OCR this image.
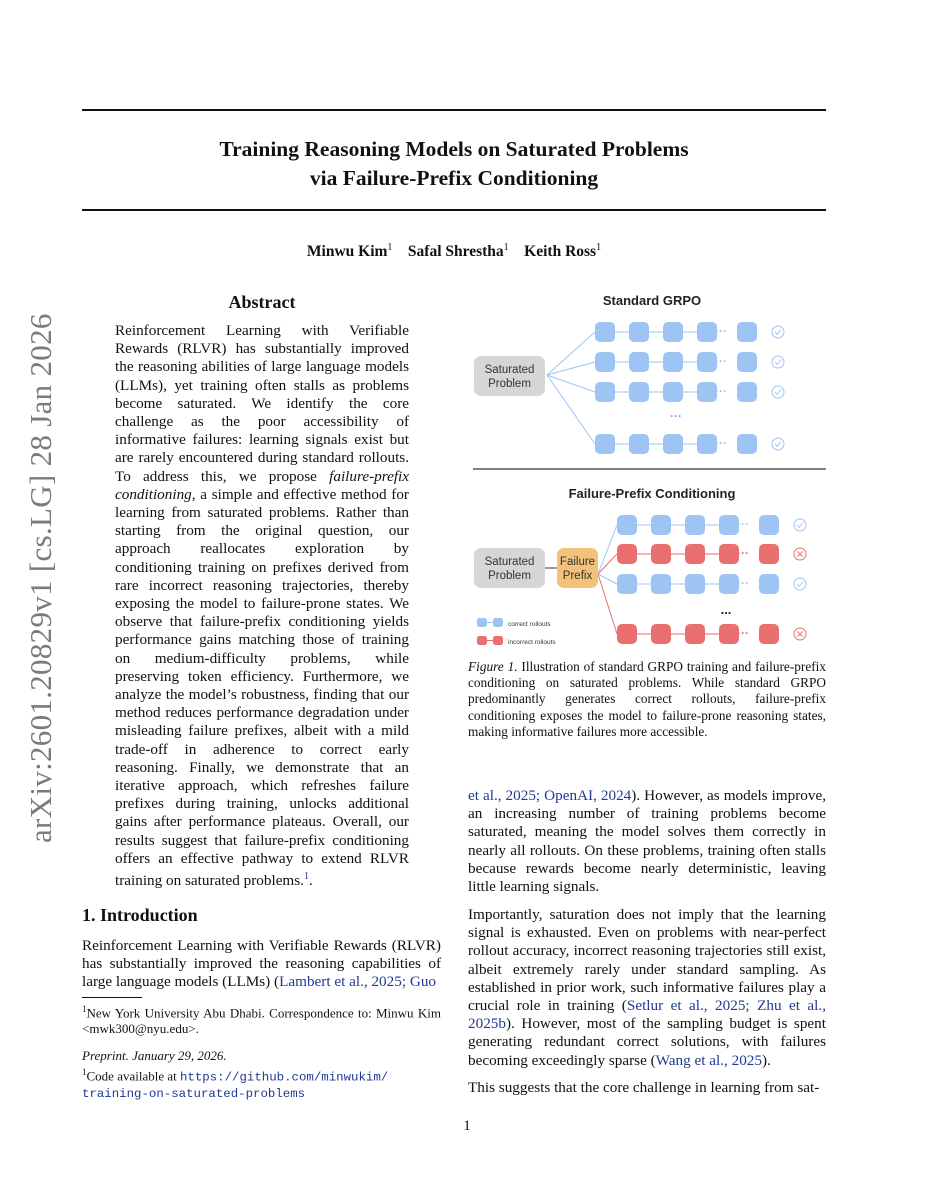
Training Reasoning Models on Saturated Problems
via Failure-Prefix Conditioning
Minwu Kim$^1$ Safal Shrestha$^1$ Keith Ross$^1$
arXiv:2601.20829v1 [cs.LG] 28 Jan 2026
Abstract
Reinforcement Learning with Verifiable Rewards (RLVR) has substantially improved the reasoning abilities of large language models (LLMs), yet training often stalls as problems become saturated. We identify the core challenge as the poor accessibility of informative failures: learning signals exist but are rarely encountered during standard rollouts. To address this, we propose failure-prefix conditioning, a simple and effective method for learning from saturated problems. Rather than starting from the original question, our approach reallocates exploration by conditioning training on prefixes derived from rare incorrect reasoning trajectories, thereby exposing the model to failure-prone states. We observe that failure-prefix conditioning yields performance gains matching those of training on medium-difficulty problems, while preserving token efficiency. Furthermore, we analyze the model’s robustness, finding that our method reduces performance degradation under misleading failure prefixes, albeit with a mild trade-off in adherence to correct early reasoning. Finally, we demonstrate that an iterative approach, which refreshes failure prefixes during training, unlocks additional gains after performance plateaus. Overall, our results suggest that failure-prefix conditioning offers an effective pathway to extend RLVR training on saturated problems.$^1$.
1. Introduction
Reinforcement Learning with Verifiable Rewards (RLVR) has substantially improved the reasoning capabilities of large language models (LLMs) (Lambert et al., 2025; Guo
$^1$New York University Abu Dhabi. Correspondence to: Minwu Kim <mwk300@nyu.edu>.
Preprint. January 29, 2026.
$^1$Code available at https://github.com/minwukim/
training-on-saturated-problems
Standard GRPO
···
···
···
···
Saturated
Problem
···
Failure-Prefix Conditioning
···
···
···
···
Saturated
Problem
Failure
Prefix
...
correct rollouts
incorrect rollouts
Figure 1. Illustration of standard GRPO training and failure-prefix conditioning on saturated problems. While standard GRPO predominantly generates correct rollouts, failure-prefix conditioning exposes the model to failure-prone reasoning states, making informative failures more accessible.
et al., 2025; OpenAI, 2024). However, as models improve, an increasing number of training problems become saturated, meaning the model solves them correctly in nearly all rollouts. On these problems, training often stalls because rewards become nearly deterministic, leaving little learning signals.
Importantly, saturation does not imply that the learning signal is exhausted. Even on problems with near-perfect rollout accuracy, incorrect reasoning trajectories still exist, albeit extremely rarely under standard sampling. As established in prior work, such informative failures play a crucial role in training (Setlur et al., 2025; Zhu et al., 2025b). However, most of the sampling budget is spent generating redundant correct solutions, with failures becoming exceedingly sparse (Wang et al., 2025).
This suggests that the core challenge in learning from sat-
1
